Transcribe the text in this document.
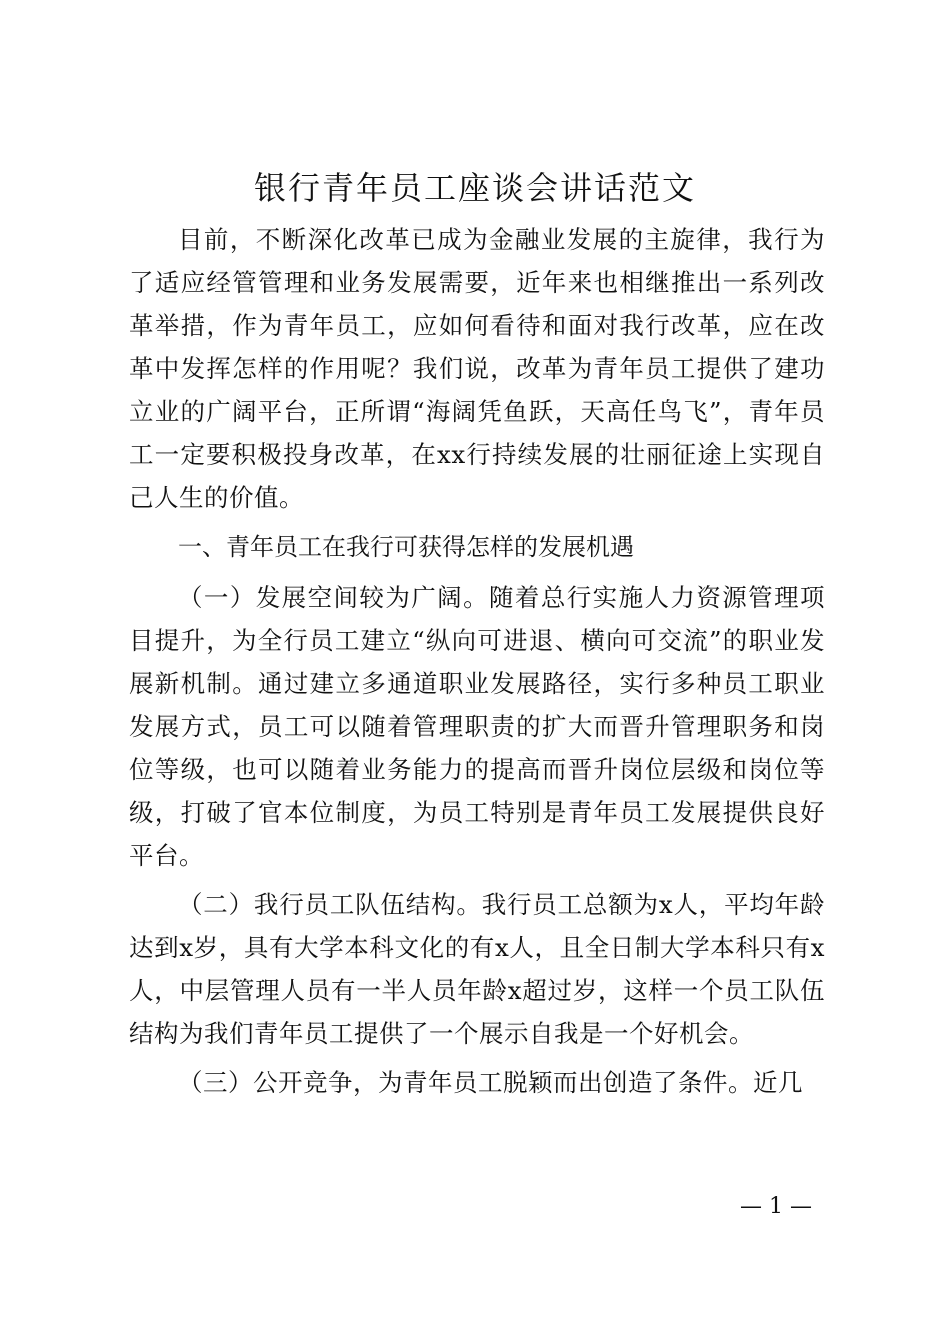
银行青年员工座谈会讲话范文

目前，不断深化改革已成为金融业发展的主旋律，我行为了适应经管管理和业务发展需要，近年来也相继推出一系列改革举措，作为青年员工，应如何看待和面对我行改革，应在改革中发挥怎样的作用呢？我们说，改革为青年员工提供了建功立业的广阔平台，正所谓“海阔凭鱼跃，天高任鸟飞”，青年员工一定要积极投身改革，在xx行持续发展的壮丽征途上实现自己人生的价值。

一、青年员工在我行可获得怎样的发展机遇

（一）发展空间较为广阔。随着总行实施人力资源管理项目提升，为全行员工建立“纵向可进退、横向可交流”的职业发展新机制。通过建立多通道职业发展路径，实行多种员工职业发展方式，员工可以随着管理职责的扩大而晋升管理职务和岗位等级，也可以随着业务能力的提高而晋升岗位层级和岗位等级，打破了官本位制度，为员工特别是青年员工发展提供良好平台。

（二）我行员工队伍结构。我行员工总额为x人，平均年龄达到x岁，具有大学本科文化的有x人，且全日制大学本科只有x人，中层管理人员有一半人员年龄x超过岁，这样一个员工队伍结构为我们青年员工提供了一个展示自我是一个好机会。

（三）公开竞争，为青年员工脱颖而出创造了条件。近几

— 1 —
